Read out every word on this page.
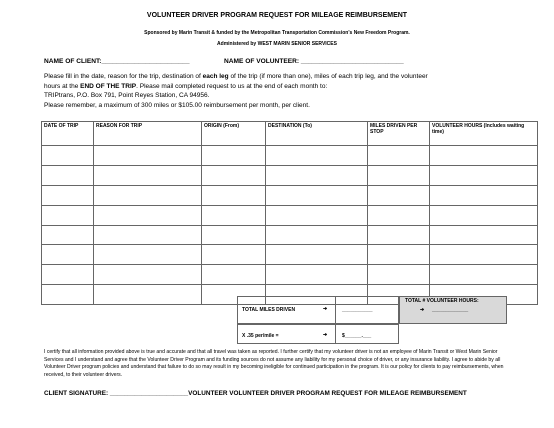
VOLUNTEER DRIVER PROGRAM REQUEST FOR MILEAGE REIMBURSEMENT
Sponsored by Marin Transit & funded by the Metropolitan Transportation Commission's New Freedom Program.
Administered by WEST MARIN SENIOR SERVICES
NAME OF CLIENT:________________________	NAME OF VOLUNTEER: ____________________________

Please fill in the date, reason for the trip, destination of each leg of the trip (if more than one), miles of each trip leg, and the volunteer

hours at the END OF THE TRIP. Please mail completed request to us at the end of each month to:

TRIPtrans, P.O. Box 791, Point Reyes Station, CA 94956.

Please remember, a maximum of 300 miles or $105.00 reimbursement per month, per client.

DATE OF TRIP	REASON FOR TRIP	ORIGIN (From)	DESTINATION (To)	MILES DRIVEN PER STOP	VOLUNTEER HOURS (Includes waiting time)

TOTAL MILES DRIVEN	➔	___________
TOTAL # VOLUNTEER HOURS:
➔ _____________
X .35 per/mile =	➔	$______.___
I certify that all information provided above is true and accurate and that all travel was taken as reported. I further certify that my volunteer driver is not an employee of Marin Transit or West Marin Senior Services and I understand and agree that the Volunteer Driver Program and its funding sources do not assume any liability for my personal choice of driver, or any insurance liability. I agree to abide by all Volunteer Driver program policies and understand that failure to do so may result in my becoming ineligible for continued participation in the program. It is our policy for clients to pay reimbursements, when received, to their volunteer drivers.
CLIENT SIGNATURE: ______________________VOLUNTEER VOLUNTEER DRIVER PROGRAM REQUEST FOR MILEAGE REIMBURSEMENT
